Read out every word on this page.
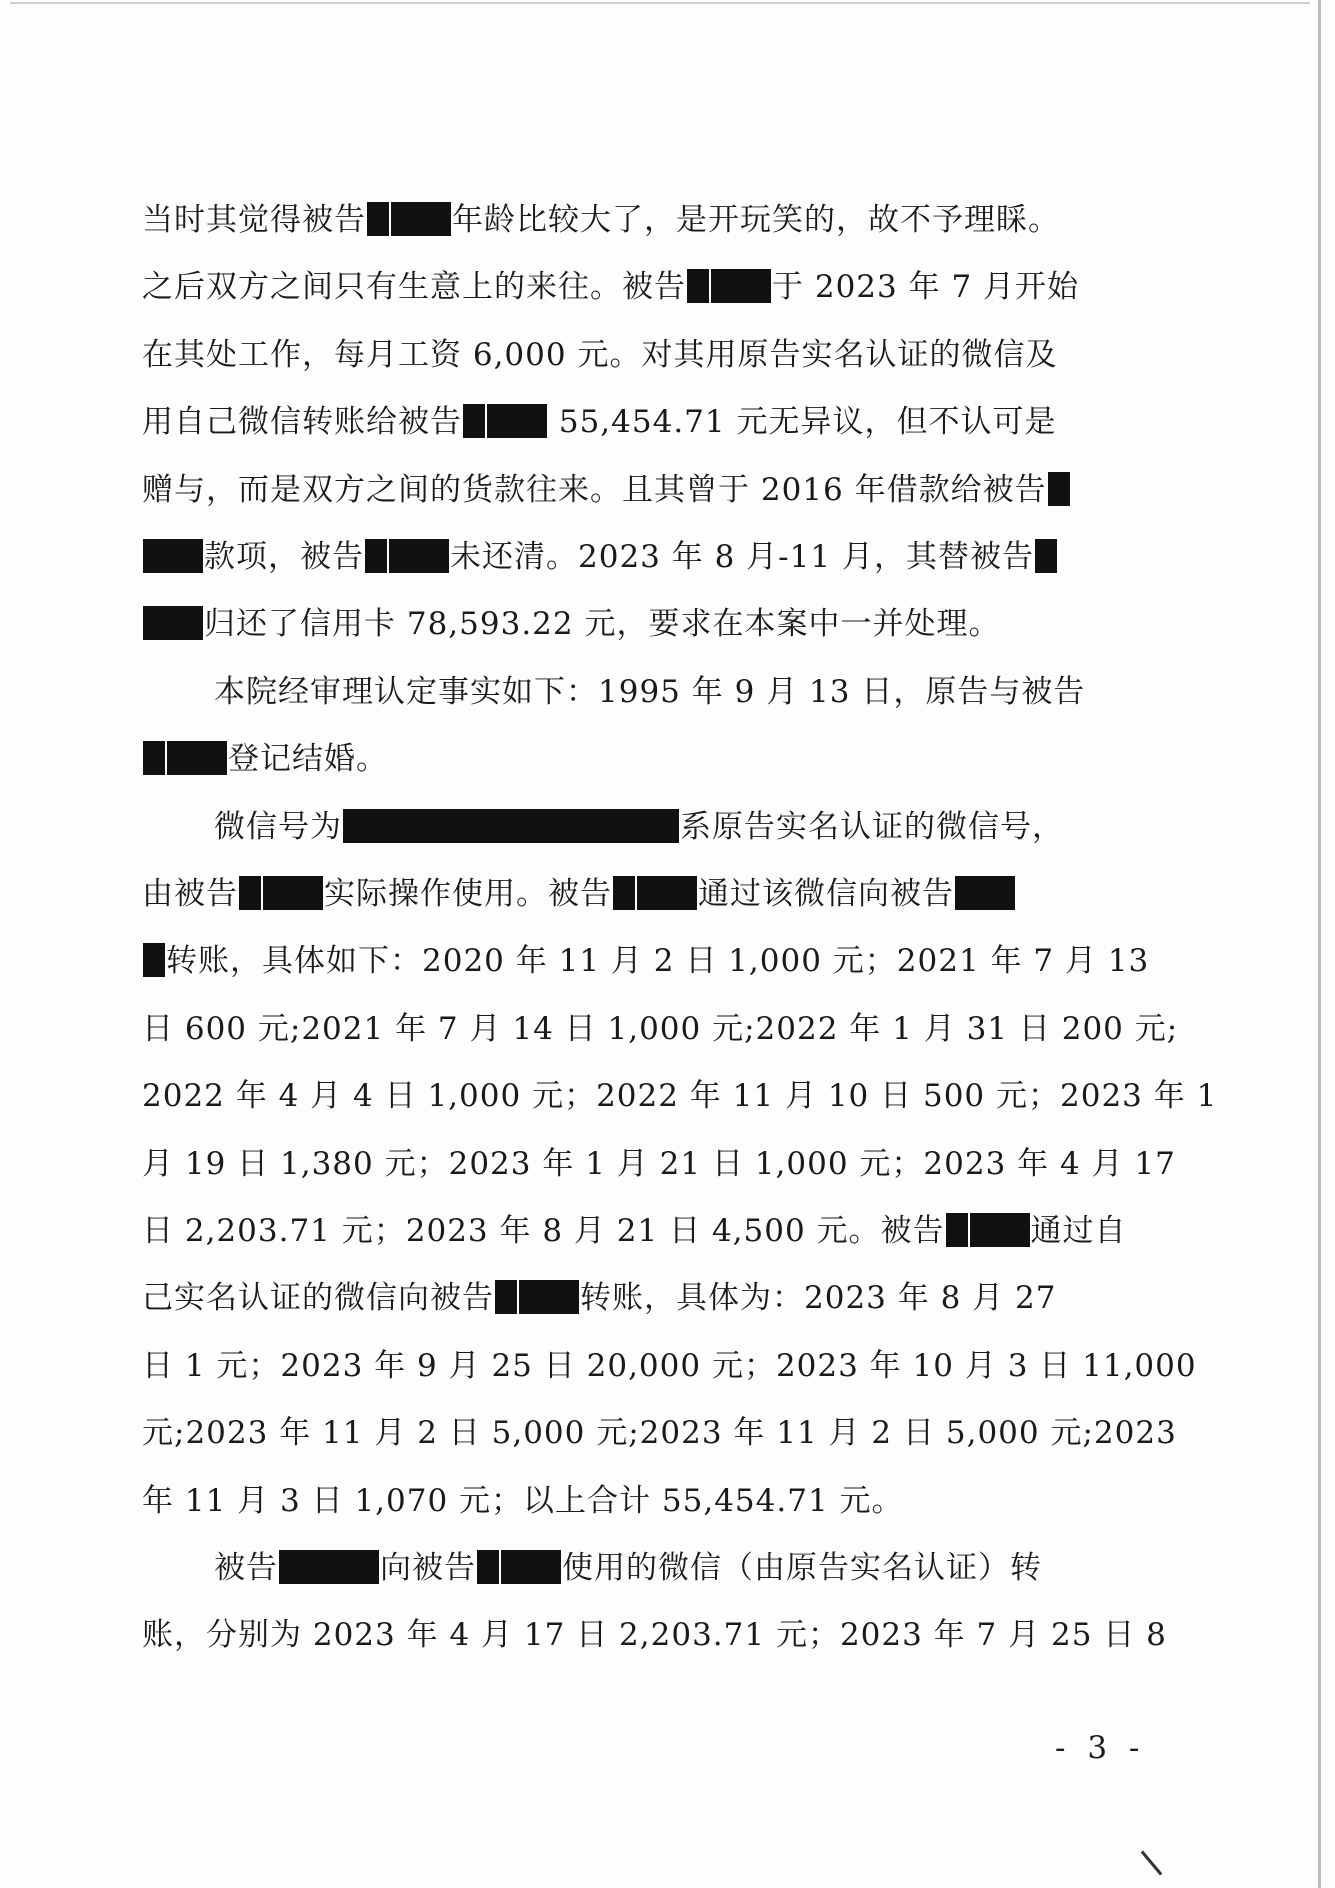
当时其觉得被告	年龄比较大了，是开玩笑的，故不予理睬。
之后双方之间只有生意上的来往。被告	于 2023 年 7 月开始
在其处工作，每月工资 6,000 元。对其用原告实名认证的微信及
用自己微信转账给被告	55,454.71 元无异议，但不认可是
赠与，而是双方之间的货款往来。且其曾于 2016 年借款给被告
款项，被告	未还清。2023 年 8 月-11 月，其替被告
归还了信用卡 78,593.22 元，要求在本案中一并处理。
本院经审理认定事实如下：1995 年 9 月 13 日，原告与被告
登记结婚。
微信号为	系原告实名认证的微信号，
由被告	实际操作使用。被告	通过该微信向被告
转账，具体如下：2020 年 11 月 2 日 1,000 元；2021 年 7 月 13
日 600 元;2021 年 7 月 14 日 1,000 元;2022 年 1 月 31 日 200 元;
2022 年 4 月 4 日 1,000 元；2022 年 11 月 10 日 500 元；2023 年 1
月 19 日 1,380 元；2023 年 1 月 21 日 1,000 元；2023 年 4 月 17
日 2,203.71 元；2023 年 8 月 21 日 4,500 元。被告	通过自
己实名认证的微信向被告	转账，具体为：2023 年 8 月 27
日 1 元；2023 年 9 月 25 日 20,000 元；2023 年 10 月 3 日 11,000
元;2023 年 11 月 2 日 5,000 元;2023 年 11 月 2 日 5,000 元;2023
年 11 月 3 日 1,070 元；以上合计 55,454.71 元。
被告	向被告	使用的微信（由原告实名认证）转
账，分别为 2023 年 4 月 17 日 2,203.71 元；2023 年 7 月 25 日 8
- 3 -
